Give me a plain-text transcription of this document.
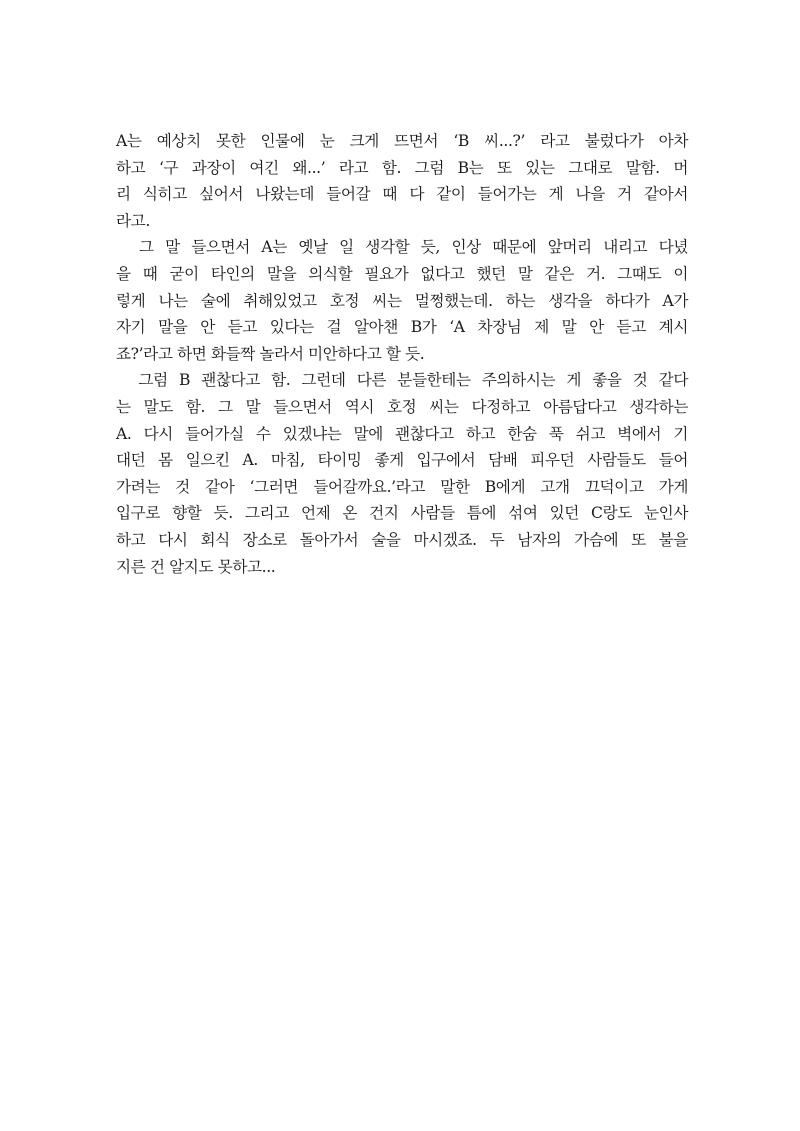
A는 예상치 못한 인물에 눈 크게 뜨면서 ‘B 씨...?’ 라고 불렀다가 아차
하고 ‘구 과장이 여긴 왜...’ 라고 함. 그럼 B는 또 있는 그대로 말함. 머
리 식히고 싶어서 나왔는데 들어갈 때 다 같이 들어가는 게 나을 거 같아서
라고.
그 말 들으면서 A는 옛날 일 생각할 듯, 인상 때문에 앞머리 내리고 다녔
을 때 굳이 타인의 말을 의식할 필요가 없다고 했던 말 같은 거. 그때도 이
렇게 나는 술에 취해있었고 호정 씨는 멀쩡했는데. 하는 생각을 하다가 A가
자기 말을 안 듣고 있다는 걸 알아챈 B가 ‘A 차장님 제 말 안 듣고 계시
죠?’라고 하면 화들짝 놀라서 미안하다고 할 듯.
그럼 B 괜찮다고 함. 그런데 다른 분들한테는 주의하시는 게 좋을 것 같다
는 말도 함. 그 말 들으면서 역시 호정 씨는 다정하고 아름답다고 생각하는
A. 다시 들어가실 수 있겠냐는 말에 괜찮다고 하고 한숨 푹 쉬고 벽에서 기
대던 몸 일으킨 A. 마침, 타이밍 좋게 입구에서 담배 피우던 사람들도 들어
가려는 것 같아 ‘그러면 들어갈까요.’라고 말한 B에게 고개 끄덕이고 가게
입구로 향할 듯. 그리고 언제 온 건지 사람들 틈에 섞여 있던 C랑도 눈인사
하고 다시 회식 장소로 돌아가서 술을 마시겠죠. 두 남자의 가슴에 또 불을
지른 건 알지도 못하고...
